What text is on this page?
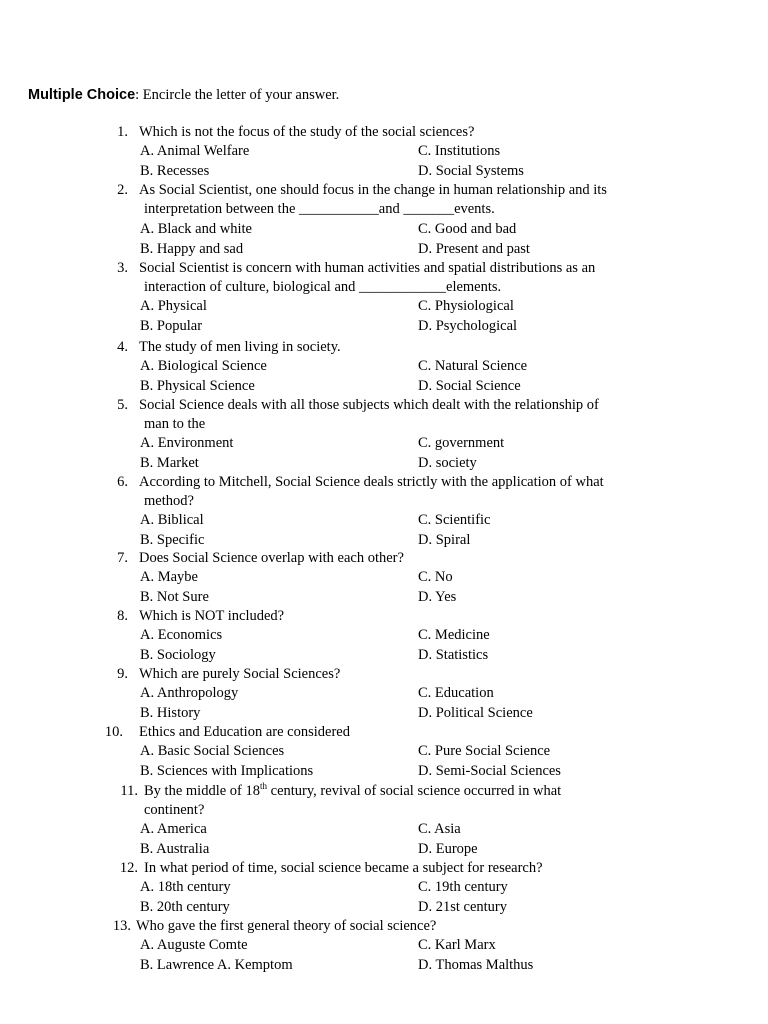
Multiple Choice: Encircle the letter of your answer.
1. Which is not the focus of the study of the social sciences?
A. Animal Welfare	C. Institutions
B. Recesses	D. Social Systems
2. As Social Scientist, one should focus in the change in human relationship and its
interpretation between the ___________and _______events.
A. Black and white	C. Good and bad
B. Happy and sad	D. Present and past
3. Social Scientist is concern with human activities and spatial distributions as an
interaction of culture, biological and ____________elements.
A. Physical	C. Physiological
B. Popular	D. Psychological
4. The study of men living in society.
A. Biological Science	C. Natural Science
B. Physical Science	D. Social Science
5. Social Science deals with all those subjects which dealt with the relationship of
man to the
A. Environment	C. government
B. Market	D. society
6. According to Mitchell, Social Science deals strictly with the application of what
method?
A. Biblical	C. Scientific
B. Specific	D. Spiral
7. Does Social Science overlap with each other?
A. Maybe	C. No
B. Not Sure	D. Yes
8. Which is NOT included?
A. Economics	C. Medicine
B. Sociology	D. Statistics
9. Which are purely Social Sciences?
A. Anthropology	C. Education
B. History	D. Political Science
10. Ethics and Education are considered
A. Basic Social Sciences	C. Pure Social Science
B. Sciences with Implications	D. Semi-Social Sciences
11. By the middle of 18th century, revival of social science occurred in what
continent?
A. America	C. Asia
B. Australia	D. Europe
12. In what period of time, social science became a subject for research?
A. 18th century	C. 19th century
B. 20th century	D. 21st century
13. Who gave the first general theory of social science?
A. Auguste Comte	C. Karl Marx
B. Lawrence A. Kemptom	D. Thomas Malthus
